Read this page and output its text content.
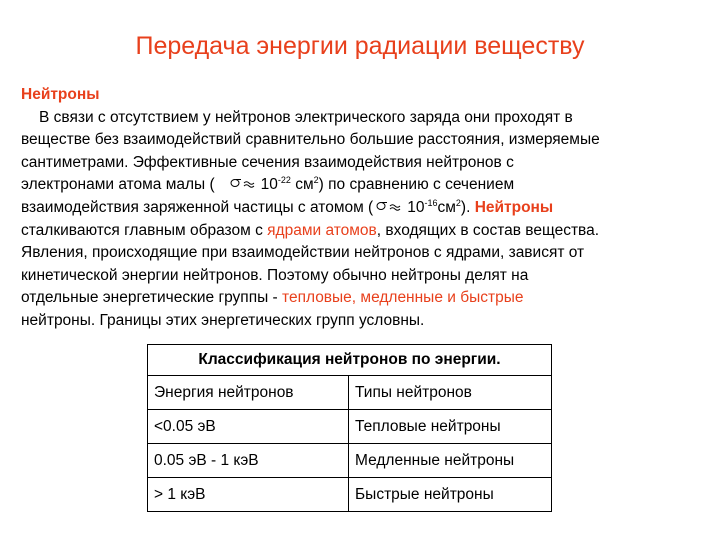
Передача энергии радиации веществу
Нейтроны
В связи с отсутствием у нейтронов электрического заряда они проходят в
веществе без взаимодействий сравнительно большие расстояния, измеряемые
сантиметрами. Эффективные сечения взаимодействия нейтронов с
электронами атома малы (	$10^{-22}$ $см^2$) по сравнению с сечением
взаимодействия заряженной частицы с атомом ( $10^{-16}см^2$). Нейтроны
сталкиваются главным образом с ядрами атомов, входящих в состав вещества.
Явления, происходящие при взаимодействии нейтронов с ядрами, зависят от
кинетической энергии нейтронов. Поэтому обычно нейтроны делят на
отдельные энергетические группы - тепловые, медленные и быстрые
нейтроны. Границы этих энергетических групп условны.
Классификация нейтронов по энергии.	
Энергия нейтронов	Типы нейтронов
<0.05 эВ	Тепловые нейтроны
0.05 эВ - 1 кэВ	Медленные нейтроны
> 1 кэВ	Быстрые нейтроны
